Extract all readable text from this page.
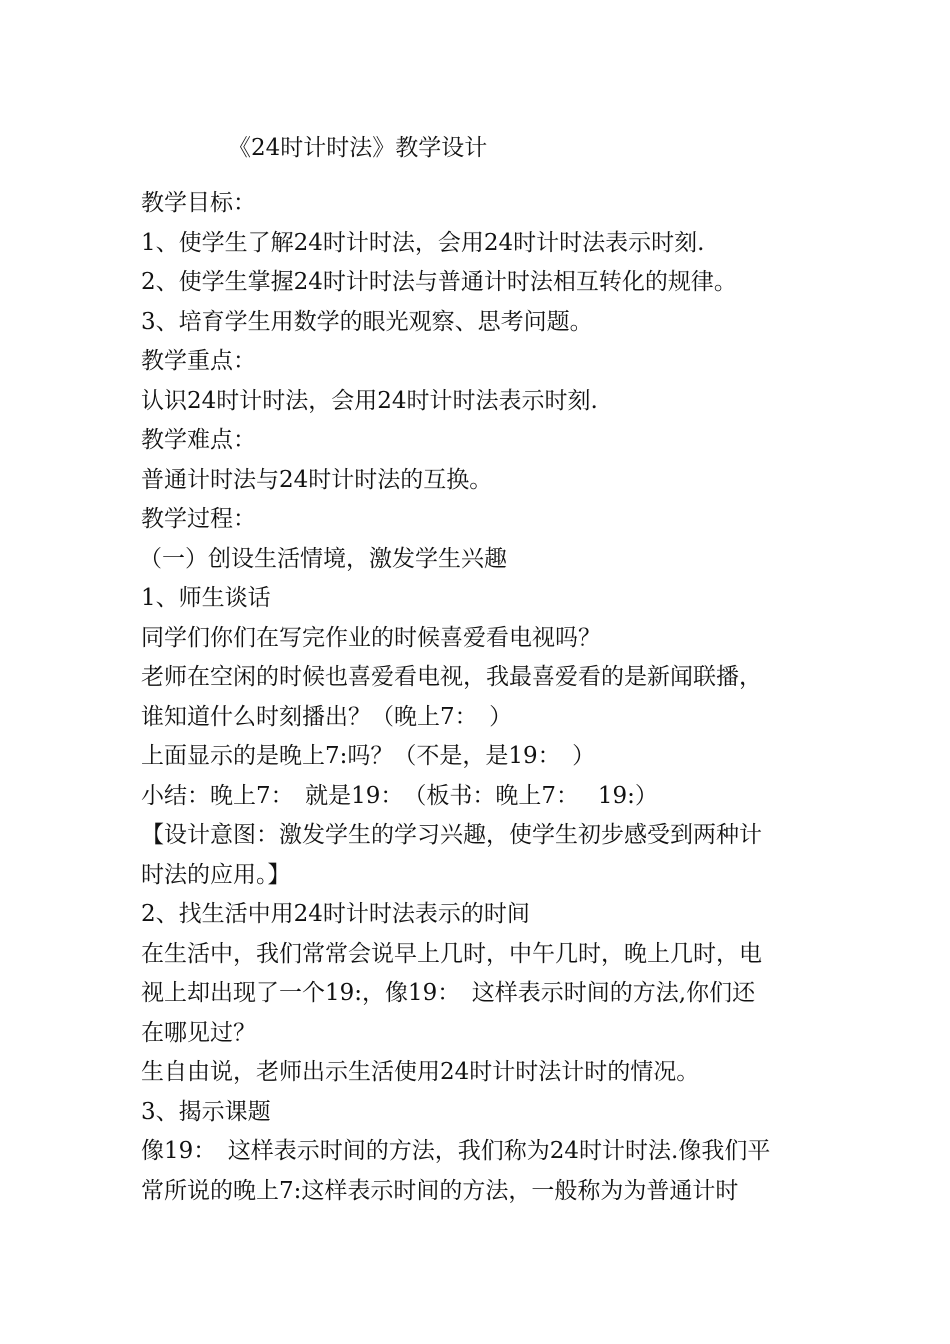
《24时计时法》教学设计
教学目标：
1、使学生了解24时计时法，会用24时计时法表示时刻.
2、使学生掌握24时计时法与普通计时法相互转化的规律。
3、培育学生用数学的眼光观察、思考问题。
教学重点：
认识24时计时法，会用24时计时法表示时刻.
教学难点：
普通计时法与24时计时法的互换。
教学过程：
（一）创设生活情境，激发学生兴趣
1、师生谈话
同学们你们在写完作业的时候喜爱看电视吗？
老师在空闲的时候也喜爱看电视，我最喜爱看的是新闻联播，
谁知道什么时刻播出？（晚上7：　）
上面显示的是晚上7:吗？（不是，是19：　）
小结：晚上7：　就是19：　（板书：晚上7：　 19:）
【设计意图：激发学生的学习兴趣，使学生初步感受到两种计
时法的应用。】
2、找生活中用24时计时法表示的时间
在生活中，我们常常会说早上几时，中午几时，晚上几时，电
视上却出现了一个19:，像19：　这样表示时间的方法,你们还
在哪见过？
生自由说，老师出示生活使用24时计时法计时的情况。
3、揭示课题
像19：　这样表示时间的方法，我们称为24时计时法.像我们平
常所说的晚上7:这样表示时间的方法，一般称为为普通计时
